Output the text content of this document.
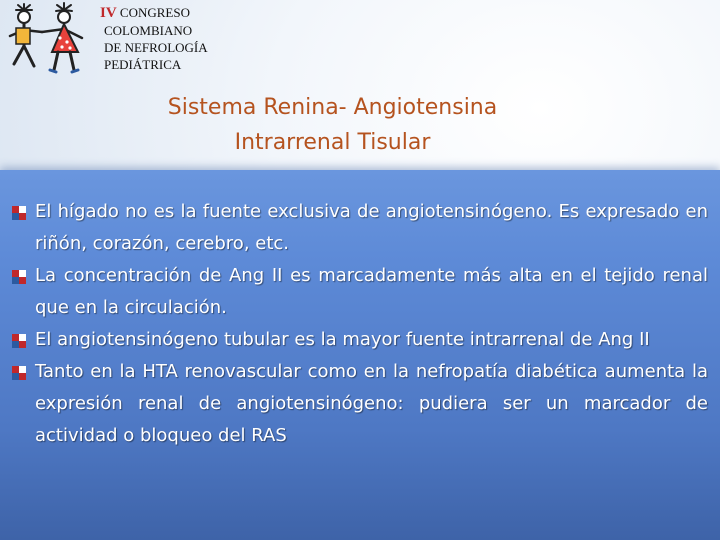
IV CONGRESO
COLOMBIANO
DE NEFROLOGÍA
PEDIÁTRICA
Sistema Renina- Angiotensina
Intrarrenal Tisular
El hígado no es la fuente exclusiva de angiotensinógeno. Es expresado en riñón, corazón, cerebro, etc.
La concentración de Ang II es marcadamente más alta en el tejido renal que en la circulación.
El angiotensinógeno tubular es la mayor fuente intrarrenal de Ang II
Tanto en la HTA renovascular como en la nefropatía diabética aumenta la expresión renal de angiotensinógeno: pudiera ser un marcador de actividad o bloqueo del RAS
